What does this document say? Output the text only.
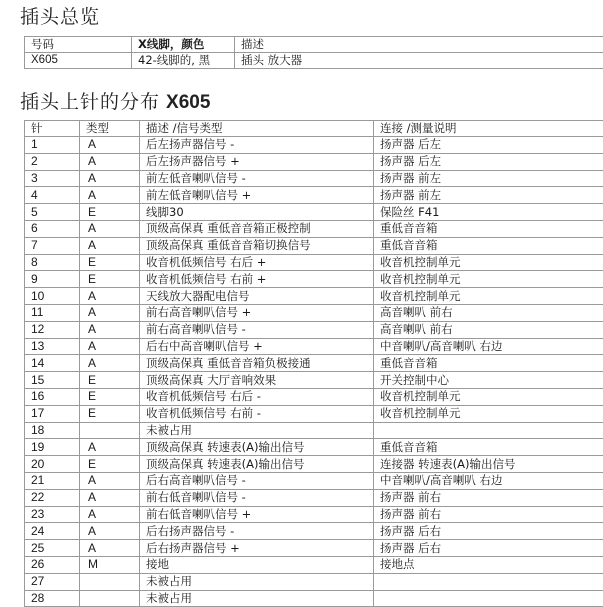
插头总览
号码	X线脚，颜色	描述
X605	42-线脚的, 黑	插头 放大器
插头上针的分布 X605
针	类型	描述 /信号类型	连接 /测量说明
1	A	后左扬声器信号 -	扬声器 后左
2	A	后左扬声器信号 +	扬声器 后左
3	A	前左低音喇叭信号 -	扬声器 前左
4	A	前左低音喇叭信号 +	扬声器 前左
5	E	线脚30	保险丝 F41
6	A	顶级高保真 重低音音箱正极控制	重低音音箱
7	A	顶级高保真 重低音音箱切换信号	重低音音箱
8	E	收音机低频信号 右后 +	收音机控制单元
9	E	收音机低频信号 右前 +	收音机控制单元
10	A	天线放大器配电信号	收音机控制单元
11	A	前右高音喇叭信号 +	高音喇叭 前右
12	A	前右高音喇叭信号 -	高音喇叭 前右
13	A	后右中高音喇叭信号 +	中音喇叭/高音喇叭 右边
14	A	顶级高保真 重低音音箱负极接通	重低音音箱
15	E	顶级高保真 大厅音响效果	开关控制中心
16	E	收音机低频信号 右后 -	收音机控制单元
17	E	收音机低频信号 右前 -	收音机控制单元
18		未被占用	
19	A	顶级高保真 转速表(A)输出信号	重低音音箱
20	E	顶级高保真 转速表(A)输出信号	连接器 转速表(A)输出信号
21	A	后右高音喇叭信号 -	中音喇叭/高音喇叭 右边
22	A	前右低音喇叭信号 -	扬声器 前右
23	A	前右低音喇叭信号 +	扬声器 前右
24	A	后右扬声器信号 -	扬声器 后右
25	A	后右扬声器信号 +	扬声器 后右
26	M	接地	接地点
27		未被占用	
28		未被占用	
